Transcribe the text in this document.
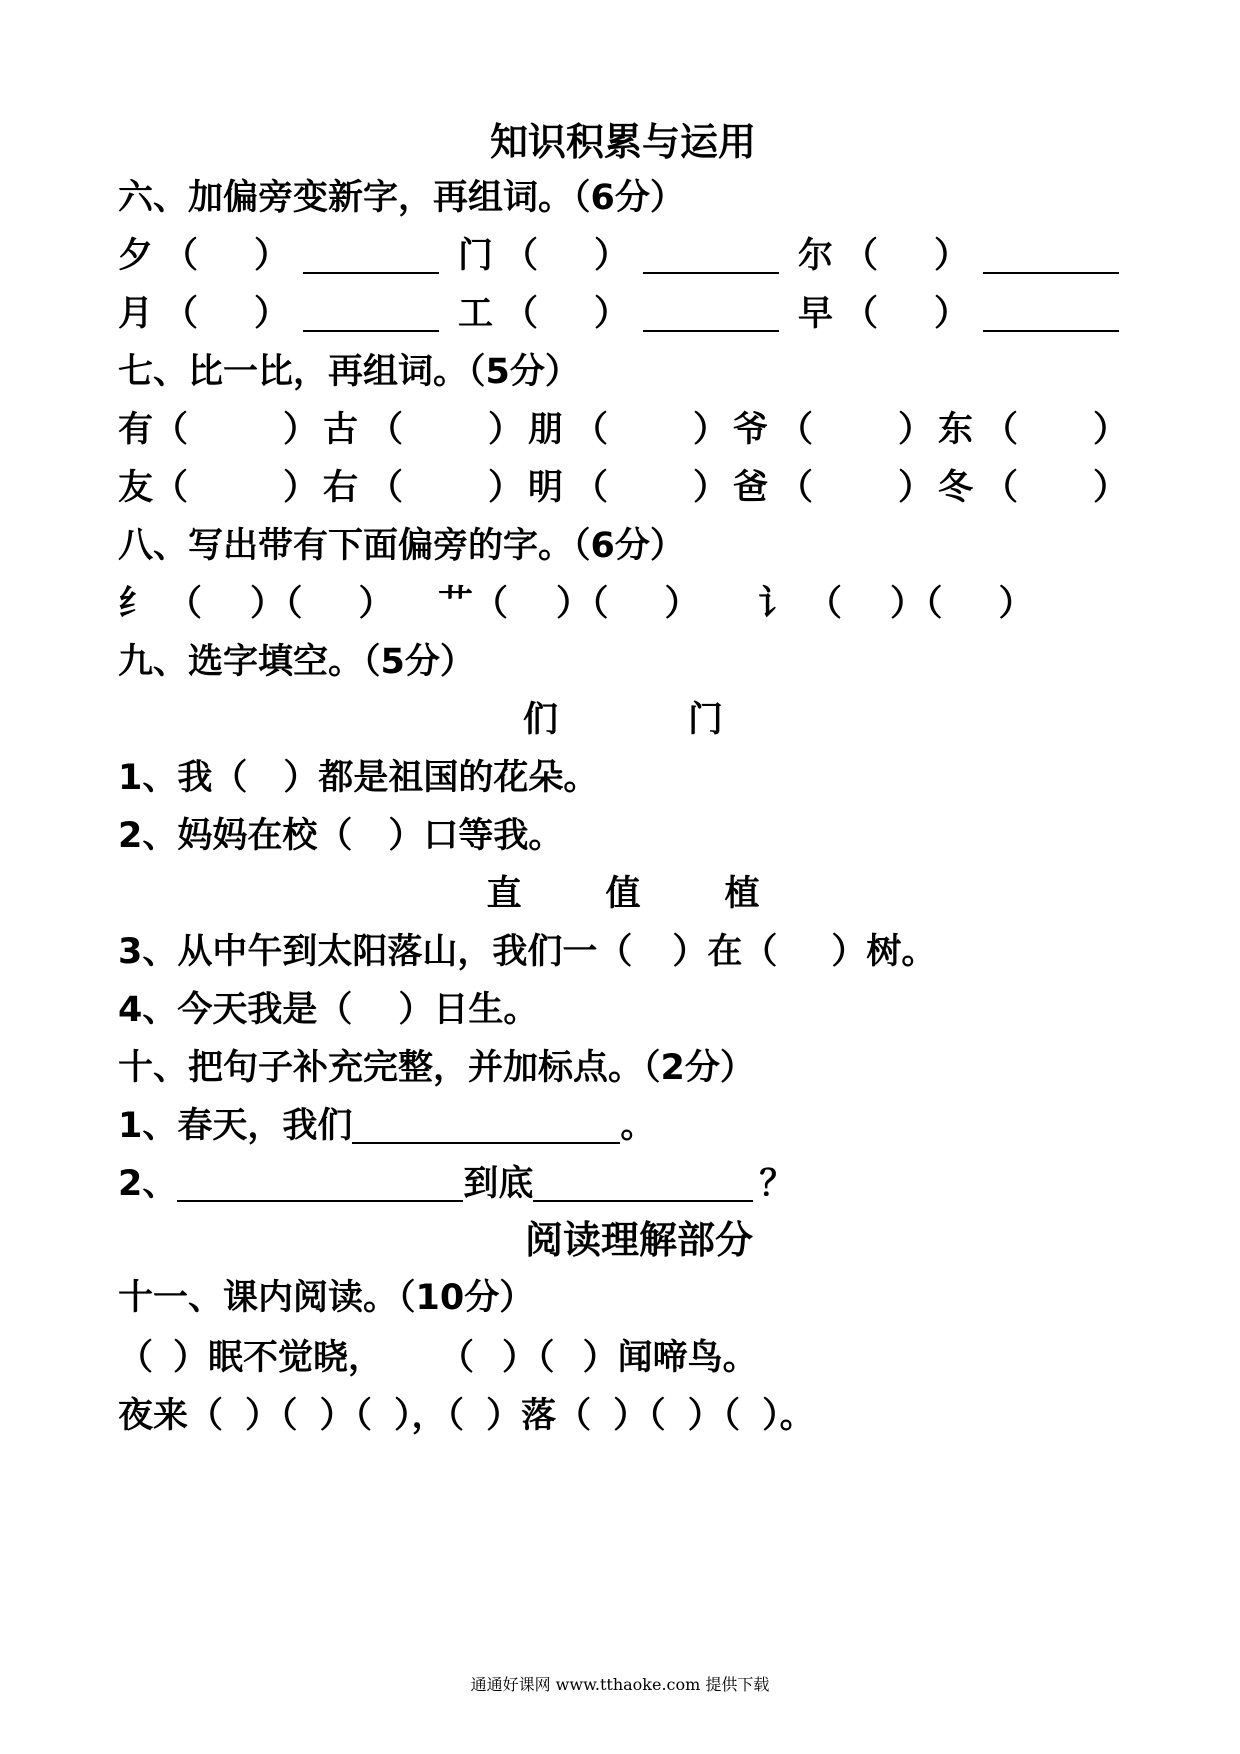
知识积累与运用
六、加偏旁变新字，再组词。（6分）
夕 （ ）	门 （ ）	尔 （ ）
月 （ ）	工 （ ）	早 （ ）
七、比一比，再组词。（5分）
有 （	） 古 （ ） 朋 （ ） 爷 （ ） 东 （ ）
友 （	） 右 （ ） 明 （ ） 爸 （ ） 冬 （ ）
八、写出带有下面偏旁的字。（6分）
纟 （ ）（ ） 艹 （ ）（ ） 讠 （ ）（ ）
九、选字填空。（5分）
们	门
1、我（ ）都是祖国的花朵。
2、妈妈在校（ ）口等我。
直 值 植
3、从中午到太阳落山，我们一（ ）在（ ）树。
4、今天我是（ ）日生。
十、把句子补充完整，并加标点。（2分）
1、春天，我们	。
2、	到底	？
阅读理解部分
十一、课内阅读。（10分）
（ ）眠不觉晓， （ ）（ ）闻啼鸟。
夜来（ ）（ ）（ ），（ ）落（ ）（ ）（ ）。
通通好课网 www.tthaoke.com 提供下载
